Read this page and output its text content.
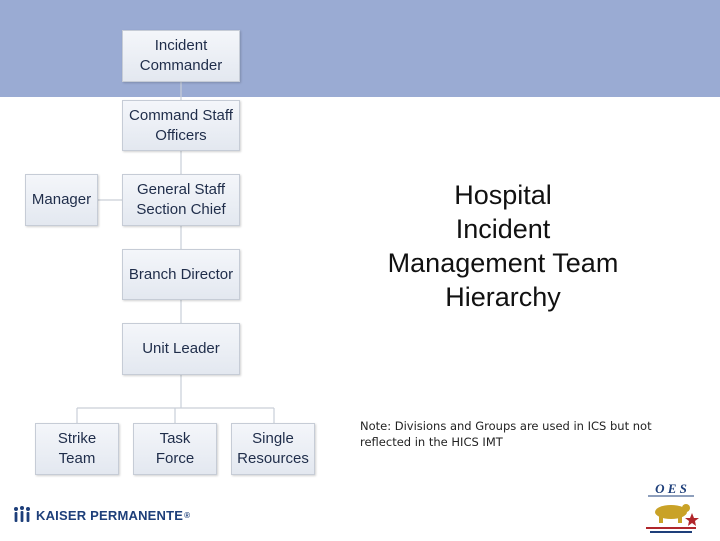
Incident
Commander
Command Staff
Officers
General Staff
Section Chief
Manager
Branch Director
Unit Leader
Strike
Team
Task
Force
Single
Resources
Hospital
Incident
Management Team
Hierarchy
Note: Divisions and Groups are used in ICS but not reflected in the HICS IMT
KAISER PERMANENTE ®
O E S
